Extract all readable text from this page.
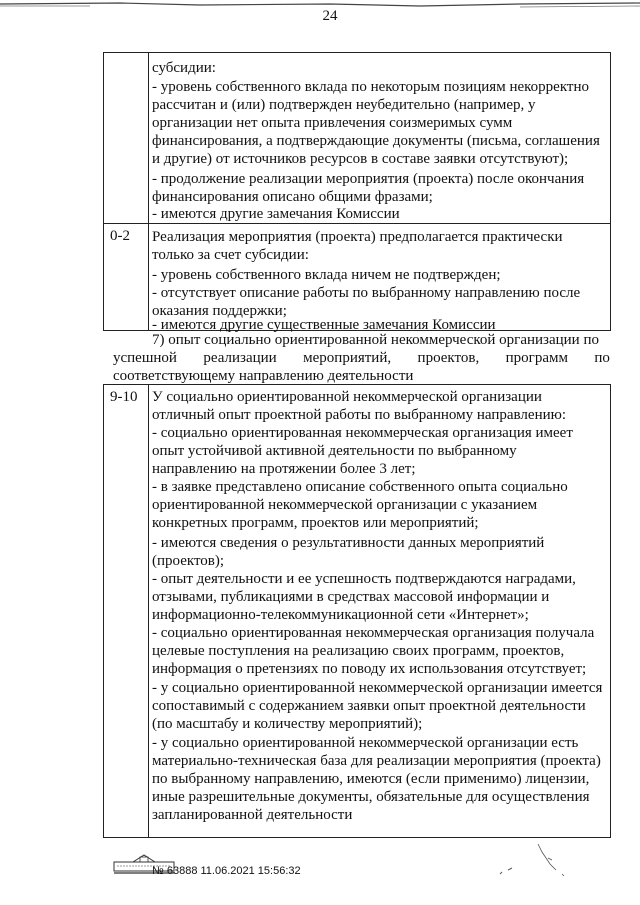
24
субсидии:
- уровень собственного вклада по некоторым позициям некорректно
рассчитан и (или) подтвержден неубедительно (например, у
организации нет опыта привлечения соизмеримых сумм
финансирования, а подтверждающие документы (письма, соглашения
и другие) от источников ресурсов в составе заявки отсутствуют);
- продолжение реализации мероприятия (проекта) после окончания
финансирования описано общими фразами;
- имеются другие замечания Комиссии
0-2 Реализация мероприятия (проекта) предполагается практически
только за счет субсидии:
- уровень собственного вклада ничем не подтвержден;
- отсутствует описание работы по выбранному направлению после
оказания поддержки;
- имеются другие существенные замечания Комиссии
7) опыт социально ориентированной некоммерческой организации по
успешной реализации мероприятий, проектов, программ по
соответствующему направлению деятельности
9-10 У социально ориентированной некоммерческой организации
отличный опыт проектной работы по выбранному направлению:
- социально ориентированная некоммерческая организация имеет
опыт устойчивой активной деятельности по выбранному
направлению на протяжении более 3 лет;
- в заявке представлено описание собственного опыта социально
ориентированной некоммерческой организации с указанием
конкретных программ, проектов или мероприятий;
- имеются сведения о результативности данных мероприятий
(проектов);
- опыт деятельности и ее успешность подтверждаются наградами,
отзывами, публикациями в средствах массовой информации и
информационно-телекоммуникационной сети «Интернет»;
- социально ориентированная некоммерческая организация получала
целевые поступления на реализацию своих программ, проектов,
информация о претензиях по поводу их использования отсутствует;
- у социально ориентированной некоммерческой организации имеется
сопоставимый с содержанием заявки опыт проектной деятельности
(по масштабу и количеству мероприятий);
- у социально ориентированной некоммерческой организации есть
материально-техническая база для реализации мероприятия (проекта)
по выбранному направлению, имеются (если применимо) лицензии,
иные разрешительные документы, обязательные для осуществления
запланированной деятельности
№ 63888 11.06.2021 15:56:32
